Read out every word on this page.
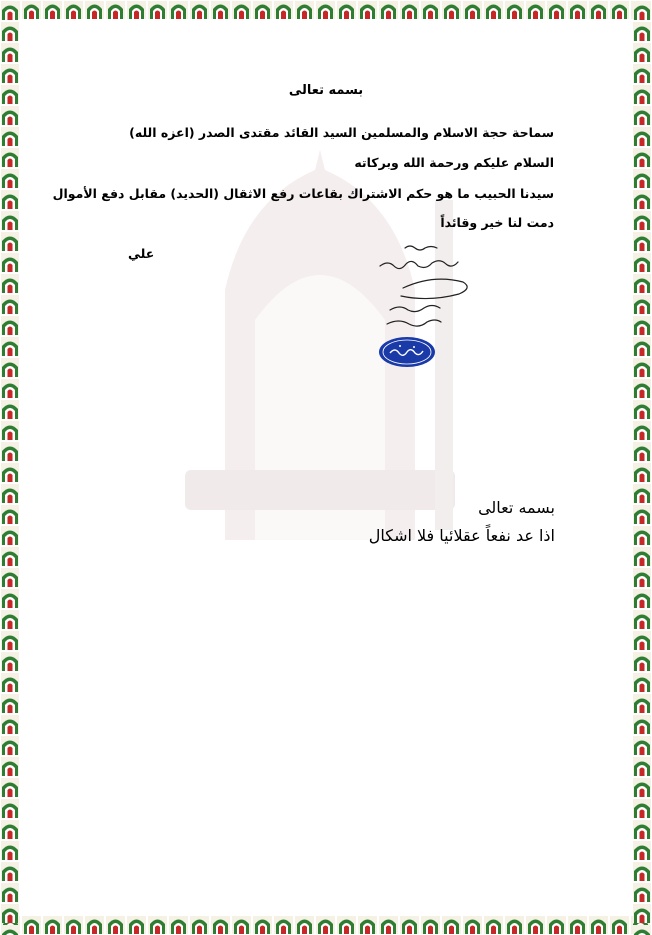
بسمه تعالى
سماحة حجة الاسلام والمسلمين السيد القائد مقتدى الصدر (اعزه الله)
السلام عليكم ورحمة الله وبركاته
سيدنا الحبيب ما هو حكم الاشتراك بقاعات رفع الاثقال (الحديد) مقابل دفع الأموال
دمت لنا خير وقائداً
علي
بسمه تعالى
اذا عد نفعاً عقلائيا فلا اشكال
